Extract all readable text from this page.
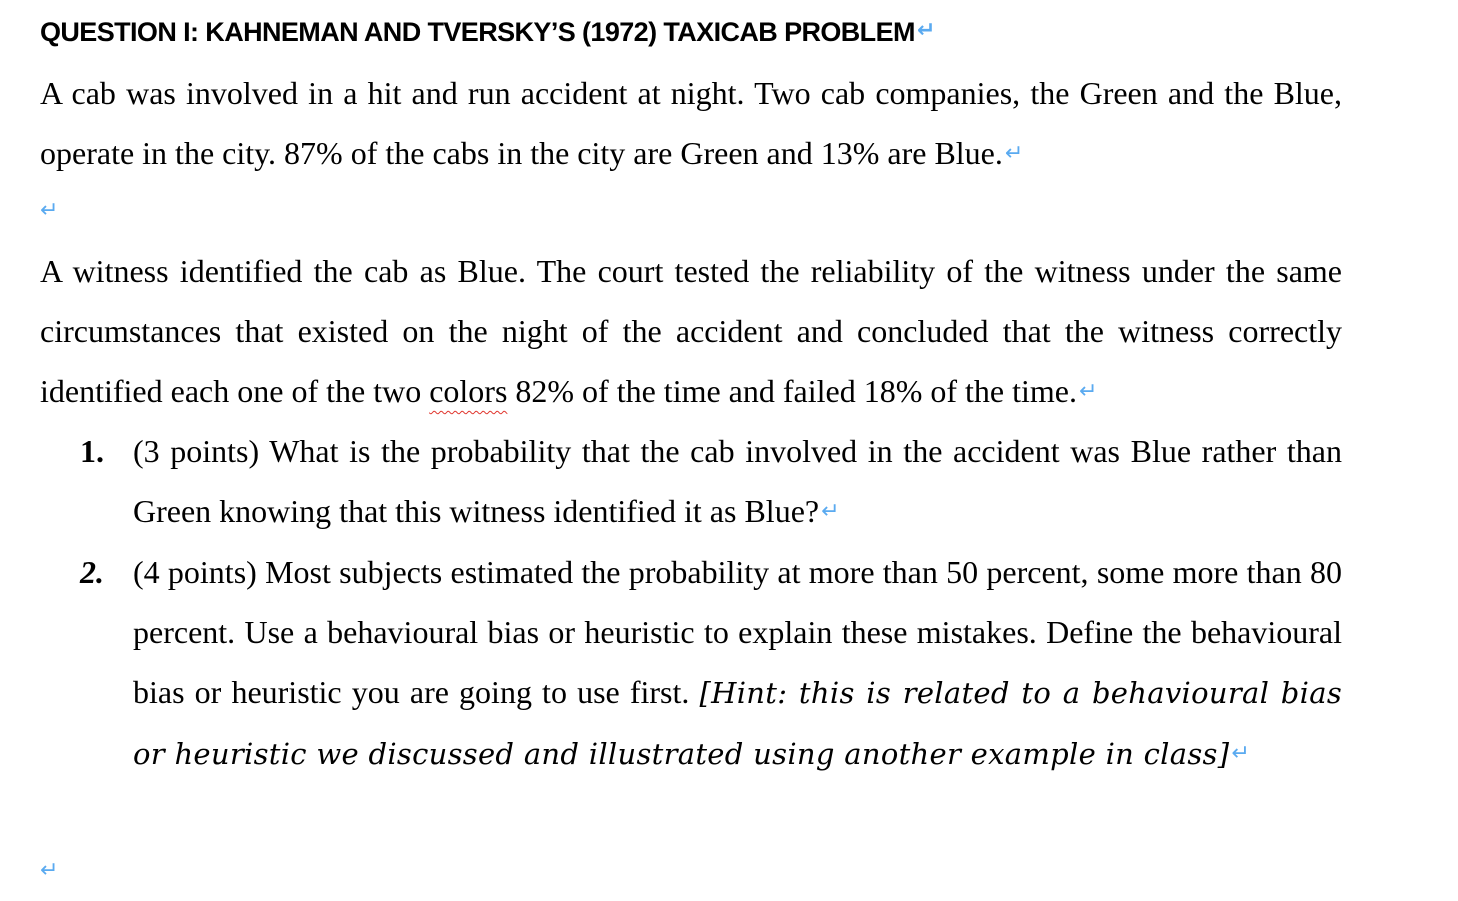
QUESTION I: KAHNEMAN AND TVERSKY’S (1972) TAXICAB PROBLEM↵
A cab was involved in a hit and run accident at night. Two cab companies, the Green and the Blue, operate in the city. 87% of the cabs in the city are Green and 13% are Blue.↵
↵
A witness identified the cab as Blue. The court tested the reliability of the witness under the same circumstances that existed on the night of the accident and concluded that the witness correctly identified each one of the two colors 82% of the time and failed 18% of the time.↵
1. (3 points) What is the probability that the cab involved in the accident was Blue rather than Green knowing that this witness identified it as Blue?↵
2. (4 points) Most subjects estimated the probability at more than 50 percent, some more than 80 percent. Use a behavioural bias or heuristic to explain these mistakes. Define the behavioural bias or heuristic you are going to use first. [Hint: this is related to a behavioural bias or heuristic we discussed and illustrated using another example in class]↵
↵
